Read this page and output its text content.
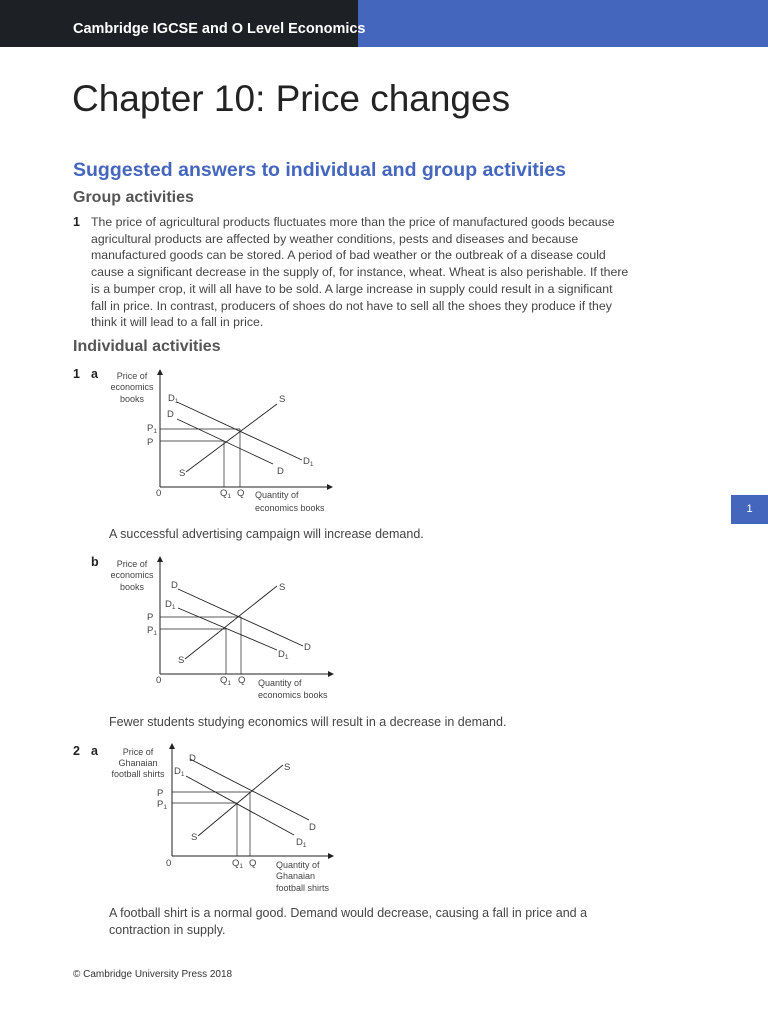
Cambridge IGCSE and O Level Economics
Chapter 10: Price changes
Suggested answers to individual and group activities
Group activities
1 The price of agricultural products fluctuates more than the price of manufactured goods because agricultural products are affected by weather conditions, pests and diseases and because manufactured goods can be stored. A period of bad weather or the outbreak of a disease could cause a significant decrease in the supply of, for instance, wheat. Wheat is also perishable. If there is a bumper crop, it will all have to be sold. A large increase in supply could result in a significant fall in price. In contrast, producers of shoes do not have to sell all the shoes they produce if they think it will lead to a fall in price.
Individual activities
1 a Price of
economics
books	S
S
$D_1$
D
D
$D_1$
$P_1$
P
0	$Q_1$ Q Quantity of
economics books
A successful advertising campaign will increase demand.
b Price of
economics
books	S
S
D
$D_1$
D
$D_1$
P
$P_1$
0	$Q_1$ Q Quantity of
economics books
Fewer students studying economics will result in a decrease in demand.
2 a	Price of
Ghanaian
football shirts
S
S
D
$D_1$
D
$D_1$
P
$P_1$
0	$Q_1$ Q Quantity of
Ghanaian
football shirts
A football shirt is a normal good. Demand would decrease, causing a fall in price and a contraction in supply.
© Cambridge University Press 2018
1
